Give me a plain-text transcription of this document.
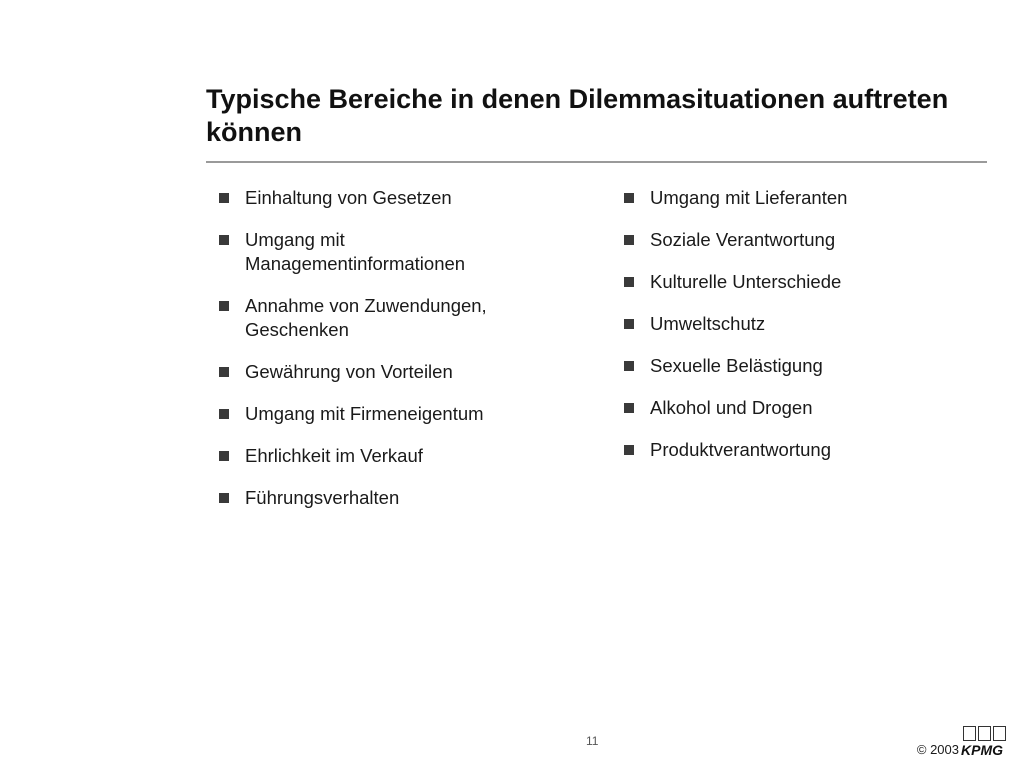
Typische Bereiche in denen Dilemmasituationen auftreten können
Einhaltung von Gesetzen
Umgang mit Managementinformationen
Annahme von Zuwendungen, Geschenken
Gewährung von Vorteilen
Umgang mit Firmeneigentum
Ehrlichkeit im Verkauf
Führungsverhalten
Umgang mit Lieferanten
Soziale Verantwortung
Kulturelle Unterschiede
Umweltschutz
Sexuelle Belästigung
Alkohol und Drogen
Produktverantwortung
11
© 2003 KPMG
